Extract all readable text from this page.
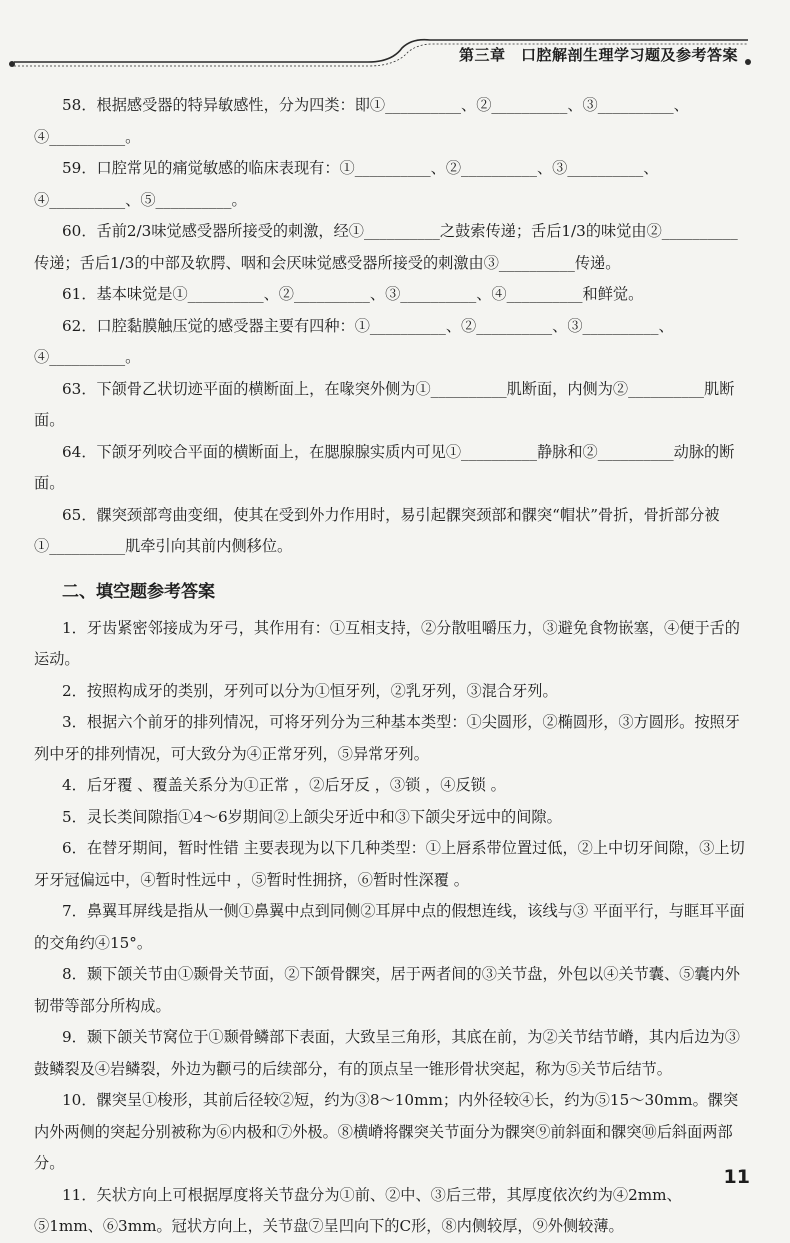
第三章　口腔解剖生理学习题及参考答案

58．根据感受器的特异敏感性，分为四类：即①__________、②__________、③__________、④__________。

59．口腔常见的痛觉敏感的临床表现有：①__________、②__________、③__________、④__________、⑤__________。

60．舌前2/3味觉感受器所接受的刺激，经①__________之鼓索传递；舌后1/3的味觉由②__________传递；舌后1/3的中部及软腭、咽和会厌味觉感受器所接受的刺激由③__________传递。

61．基本味觉是①__________、②__________、③__________、④__________和鲜觉。

62．口腔黏膜触压觉的感受器主要有四种：①__________、②__________、③__________、④__________。

63．下颌骨乙状切迹平面的横断面上，在喙突外侧为①__________肌断面，内侧为②__________肌断面。

64．下颌牙列咬合平面的横断面上，在腮腺腺实质内可见①__________静脉和②__________动脉的断面。

65．髁突颈部弯曲变细，使其在受到外力作用时，易引起髁突颈部和髁突“帽状”骨折，骨折部分被①__________肌牵引向其前内侧移位。

二、填空题参考答案

1．牙齿紧密邻接成为牙弓，其作用有：①互相支持，②分散咀嚼压力，③避免食物嵌塞，④便于舌的运动。

2．按照构成牙的类别，牙列可以分为①恒牙列，②乳牙列，③混合牙列。

3．根据六个前牙的排列情况，可将牙列分为三种基本类型：①尖圆形，②椭圆形，③方圆形。按照牙列中牙的排列情况，可大致分为④正常牙列，⑤异常牙列。

4．后牙覆 、覆盖关系分为①正常 ，②后牙反 ，③锁 ，④反锁 。

5．灵长类间隙指①4～6岁期间②上颌尖牙近中和③下颌尖牙远中的间隙。

6．在替牙期间，暂时性错 主要表现为以下几种类型：①上唇系带位置过低，②上中切牙间隙，③上切牙牙冠偏远中，④暂时性远中 ，⑤暂时性拥挤，⑥暂时性深覆 。

7．鼻翼耳屏线是指从一侧①鼻翼中点到同侧②耳屏中点的假想连线，该线与③ 平面平行，与眶耳平面的交角约④15°。

8．颞下颌关节由①颞骨关节面，②下颌骨髁突，居于两者间的③关节盘，外包以④关节囊、⑤囊内外韧带等部分所构成。

9．颞下颌关节窝位于①颞骨鳞部下表面，大致呈三角形，其底在前，为②关节结节嵴，其内后边为③鼓鳞裂及④岩鳞裂，外边为颧弓的后续部分，有的顶点呈一锥形骨状突起，称为⑤关节后结节。

10．髁突呈①梭形，其前后径较②短，约为③8～10mm；内外径较④长，约为⑤15～30mm。髁突内外两侧的突起分别被称为⑥内极和⑦外极。⑧横嵴将髁突关节面分为髁突⑨前斜面和髁突⑩后斜面两部分。

11．矢状方向上可根据厚度将关节盘分为①前、②中、③后三带，其厚度依次约为④2mm、⑤1mm、⑥3mm。冠状方向上，关节盘⑦呈凹向下的C形，⑧内侧较厚，⑨外侧较薄。

11
